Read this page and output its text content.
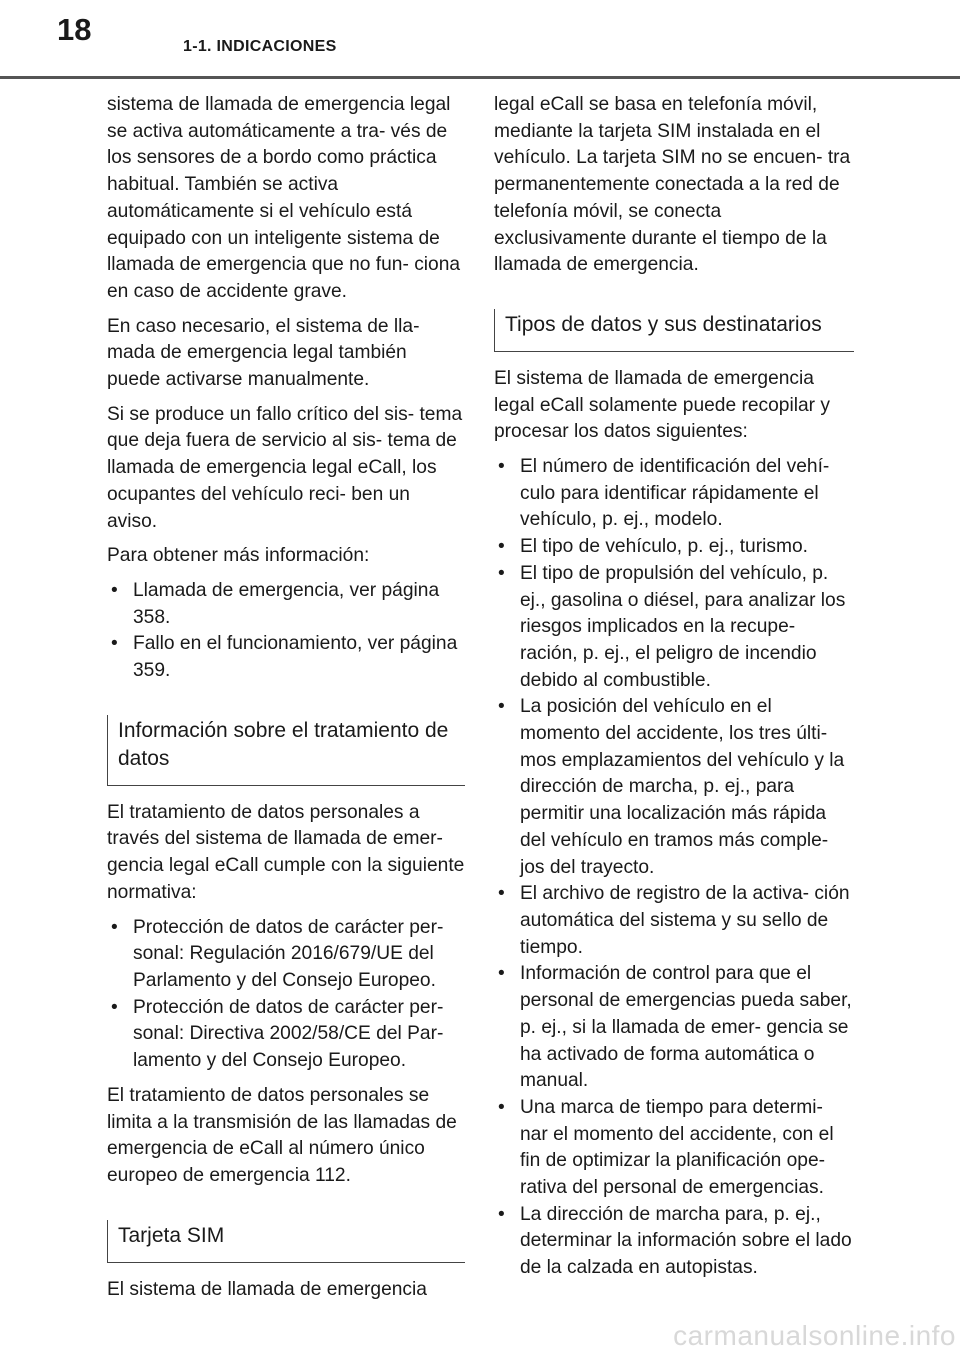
18	1-1. INDICACIONES

sistema de llamada de emergencia legal se activa automáticamente a tra- vés de los sensores de a bordo como práctica habitual. También se activa automáticamente si el vehículo está equipado con un inteligente sistema de llamada de emergencia que no fun- ciona en caso de accidente grave.

En caso necesario, el sistema de lla- mada de emergencia legal también puede activarse manualmente.

Si se produce un fallo crítico del sis- tema que deja fuera de servicio al sis- tema de llamada de emergencia legal eCall, los ocupantes del vehículo reci- ben un aviso.

Para obtener más información:

• Llamada de emergencia, ver página 358.
• Fallo en el funcionamiento, ver página 359.
Información sobre el tratamiento de datos

El tratamiento de datos personales a través del sistema de llamada de emer- gencia legal eCall cumple con la siguiente normativa:

• Protección de datos de carácter per- sonal: Regulación 2016/679/UE del Parlamento y del Consejo Europeo.
• Protección de datos de carácter per- sonal: Directiva 2002/58/CE del Par- lamento y del Consejo Europeo.

El tratamiento de datos personales se limita a la transmisión de las llamadas de emergencia de eCall al número único europeo de emergencia 112.

Tarjeta SIM

El sistema de llamada de emergencia

legal eCall se basa en telefonía móvil, mediante la tarjeta SIM instalada en el vehículo. La tarjeta SIM no se encuen- tra permanentemente conectada a la red de telefonía móvil, se conecta exclusivamente durante el tiempo de la llamada de emergencia.

Tipos de datos y sus destinatarios

El sistema de llamada de emergencia legal eCall solamente puede recopilar y procesar los datos siguientes:

• El número de identificación del vehí- culo para identificar rápidamente el vehículo, p. ej., modelo.
• El tipo de vehículo, p. ej., turismo.
• El tipo de propulsión del vehículo, p. ej., gasolina o diésel, para analizar los riesgos implicados en la recupe- ración, p. ej., el peligro de incendio debido al combustible.
• La posición del vehículo en el momento del accidente, los tres últi- mos emplazamientos del vehículo y la dirección de marcha, p. ej., para permitir una localización más rápida del vehículo en tramos más comple- jos del trayecto.
• El archivo de registro de la activa- ción automática del sistema y su sello de tiempo.
• Información de control para que el personal de emergencias pueda saber, p. ej., si la llamada de emer- gencia se ha activado de forma automática o manual.
• Una marca de tiempo para determi- nar el momento del accidente, con el fin de optimizar la planificación ope- rativa del personal de emergencias.
• La dirección de marcha para, p. ej., determinar la información sobre el lado de la calzada en autopistas.
carmanualsonline.info
